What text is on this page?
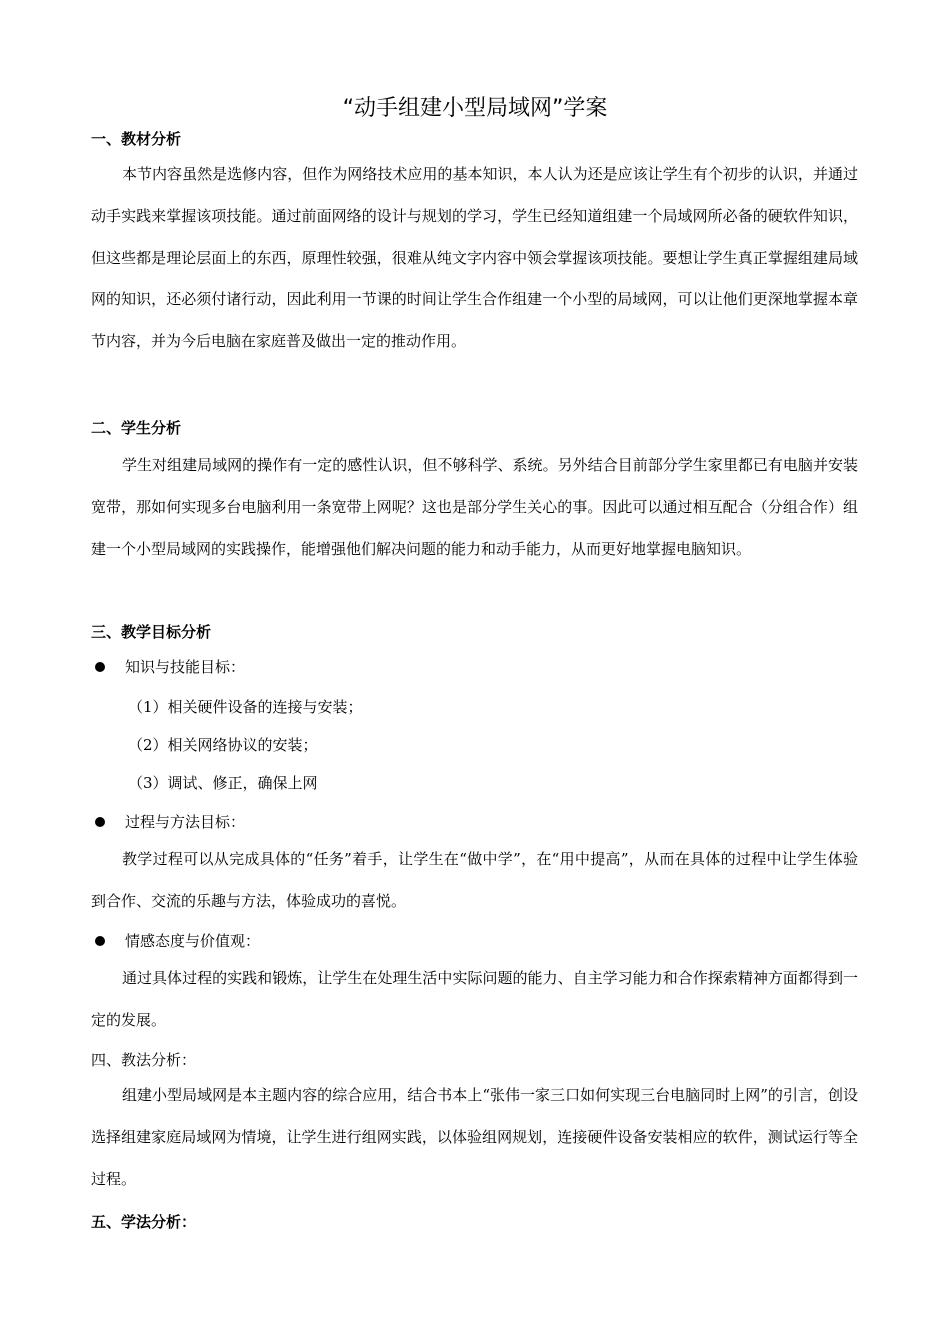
“动手组建小型局域网”学案
一、教材分析

本节内容虽然是选修内容，但作为网络技术应用的基本知识，本人认为还是应该让学生有个初步的认识，并通过动手实践来掌握该项技能。通过前面网络的设计与规划的学习，学生已经知道组建一个局域网所必备的硬软件知识，但这些都是理论层面上的东西，原理性较强，很难从纯文字内容中领会掌握该项技能。要想让学生真正掌握组建局域网的知识，还必须付诸行动，因此利用一节课的时间让学生合作组建一个小型的局域网，可以让他们更深地掌握本章节内容，并为今后电脑在家庭普及做出一定的推动作用。

二、学生分析

学生对组建局域网的操作有一定的感性认识，但不够科学、系统。另外结合目前部分学生家里都已有电脑并安装宽带，那如何实现多台电脑利用一条宽带上网呢？这也是部分学生关心的事。因此可以通过相互配合（分组合作）组建一个小型局域网的实践操作，能增强他们解决问题的能力和动手能力，从而更好地掌握电脑知识。

三、教学目标分析
知识与技能目标：
（1）相关硬件设备的连接与安装；
（2）相关网络协议的安装；
（3）调试、修正，确保上网
过程与方法目标：

教学过程可以从完成具体的“任务”着手，让学生在“做中学”，在“用中提高”，从而在具体的过程中让学生体验到合作、交流的乐趣与方法，体验成功的喜悦。

情感态度与价值观：

通过具体过程的实践和锻炼，让学生在处理生活中实际问题的能力、自主学习能力和合作探索精神方面都得到一定的发展。

四、教法分析：

组建小型局域网是本主题内容的综合应用，结合书本上“张伟一家三口如何实现三台电脑同时上网”的引言，创设选择组建家庭局域网为情境，让学生进行组网实践，以体验组网规划，连接硬件设备安装相应的软件，测试运行等全过程。

五、学法分析：
